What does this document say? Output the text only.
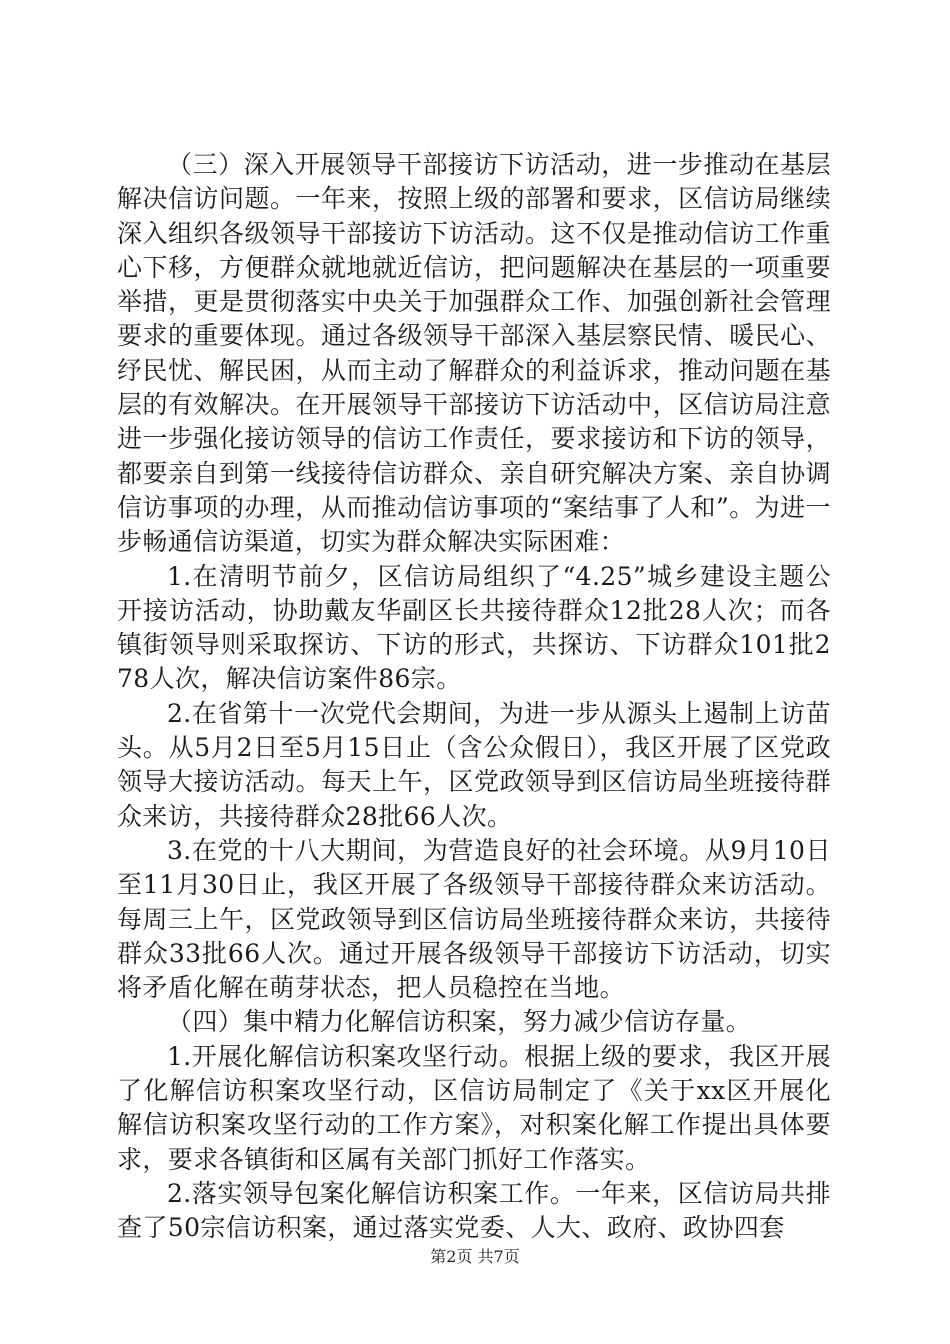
（三）深入开展领导干部接访下访活动，进一步推动在基层解决信访问题。一年来，按照上级的部署和要求，区信访局继续深入组织各级领导干部接访下访活动。这不仅是推动信访工作重心下移，方便群众就地就近信访，把问题解决在基层的一项重要举措，更是贯彻落实中央关于加强群众工作、加强创新社会管理要求的重要体现。通过各级领导干部深入基层察民情、暖民心、纾民忧、解民困，从而主动了解群众的利益诉求，推动问题在基层的有效解决。在开展领导干部接访下访活动中，区信访局注意进一步强化接访领导的信访工作责任，要求接访和下访的领导，都要亲自到第一线接待信访群众、亲自研究解决方案、亲自协调信访事项的办理，从而推动信访事项的“案结事了人和”。为进一步畅通信访渠道，切实为群众解决实际困难：

1.在清明节前夕，区信访局组织了“4.25”城乡建设主题公开接访活动，协助戴友华副区长共接待群众12批28人次；而各镇街领导则采取探访、下访的形式，共探访、下访群众101批278人次，解决信访案件86宗。

2.在省第十一次党代会期间，为进一步从源头上遏制上访苗头。从5月2日至5月15日止（含公众假日），我区开展了区党政领导大接访活动。每天上午，区党政领导到区信访局坐班接待群众来访，共接待群众28批66人次。

3.在党的十八大期间，为营造良好的社会环境。从9月10日至11月30日止，我区开展了各级领导干部接待群众来访活动。每周三上午，区党政领导到区信访局坐班接待群众来访，共接待群众33批66人次。通过开展各级领导干部接访下访活动，切实将矛盾化解在萌芽状态，把人员稳控在当地。

（四）集中精力化解信访积案，努力减少信访存量。

1.开展化解信访积案攻坚行动。根据上级的要求，我区开展了化解信访积案攻坚行动，区信访局制定了《关于xx区开展化解信访积案攻坚行动的工作方案》，对积案化解工作提出具体要求，要求各镇街和区属有关部门抓好工作落实。

2.落实领导包案化解信访积案工作。一年来，区信访局共排查了50宗信访积案，通过落实党委、人大、政府、政协四套

第2页 共7页
